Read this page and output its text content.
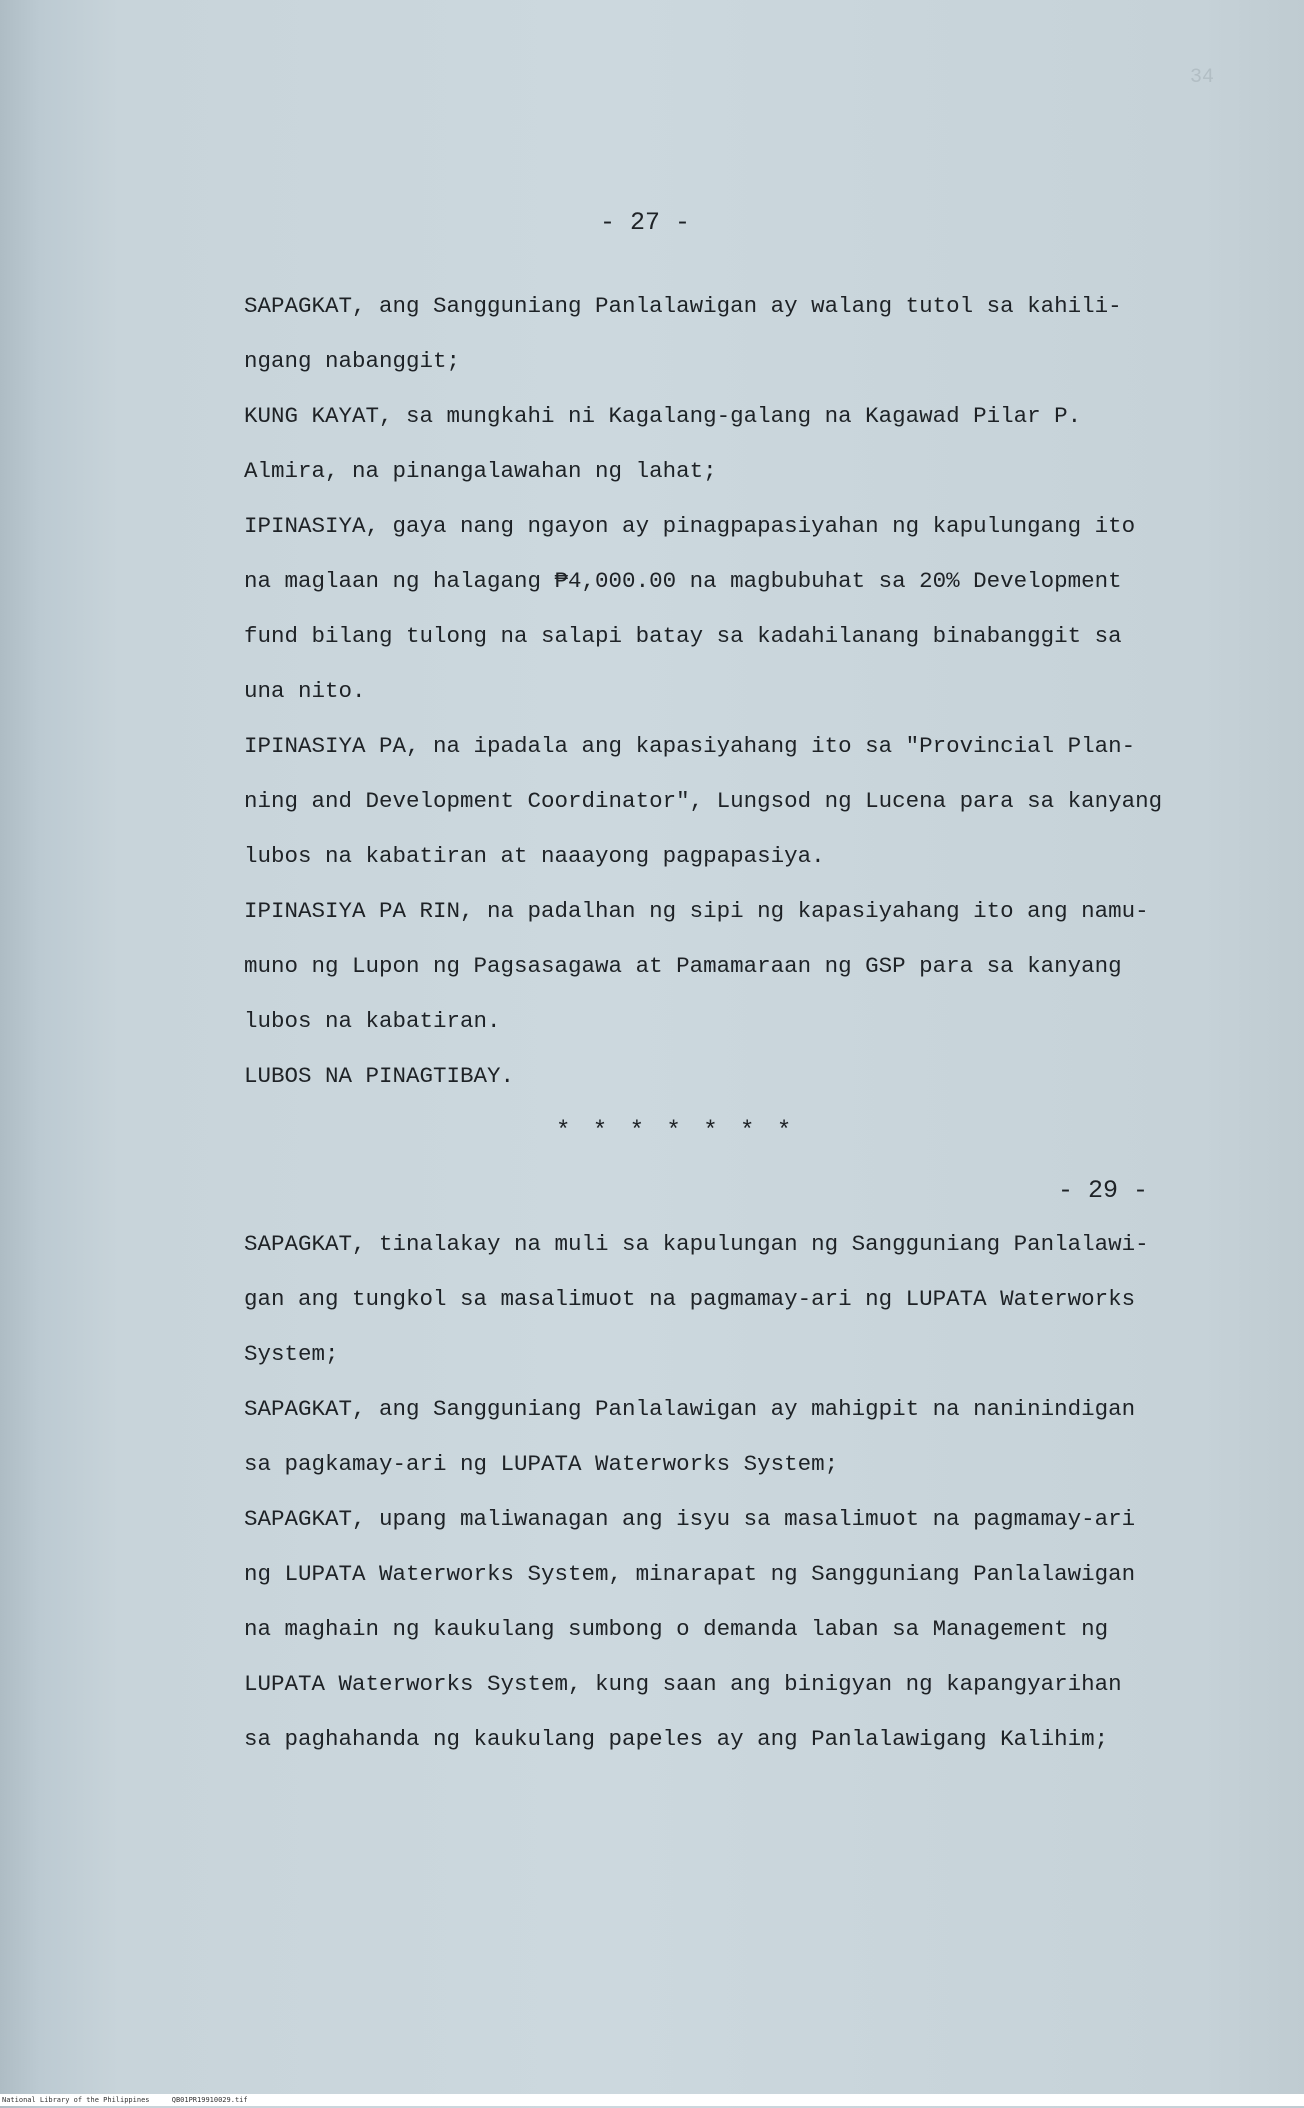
34
- 27 -
SAPAGKAT, ang Sangguniang Panlalawigan ay walang tutol sa kahili-
ngang nabanggit;
KUNG KAYAT, sa mungkahi ni Kagalang-galang na Kagawad Pilar P.
Almira, na pinangalawahan ng lahat;
IPINASIYA, gaya nang ngayon ay pinagpapasiyahan ng kapulungang ito
na maglaan ng halagang ₱4,000.00 na magbubuhat sa 20% Development
fund bilang tulong na salapi batay sa kadahilanang binabanggit sa
una nito.
IPINASIYA PA, na ipadala ang kapasiyahang ito sa "Provincial Plan-
ning and Development Coordinator", Lungsod ng Lucena para sa kanyang
lubos na kabatiran at naaayong pagpapasiya.
IPINASIYA PA RIN, na padalhan ng sipi ng kapasiyahang ito ang namu-
muno ng Lupon ng Pagsasagawa at Pamamaraan ng GSP para sa kanyang
lubos na kabatiran.
LUBOS NA PINAGTIBAY.
* * * * * * *
- 29 -
SAPAGKAT, tinalakay na muli sa kapulungan ng Sangguniang Panlalawi-
gan ang tungkol sa masalimuot na pagmamay-ari ng LUPATA Waterworks
System;
SAPAGKAT, ang Sangguniang Panlalawigan ay mahigpit na naninindigan
sa pagkamay-ari ng LUPATA Waterworks System;
SAPAGKAT, upang maliwanagan ang isyu sa masalimuot na pagmamay-ari
ng LUPATA Waterworks System, minarapat ng Sangguniang Panlalawigan
na maghain ng kaukulang sumbong o demanda laban sa Management ng
LUPATA Waterworks System, kung saan ang binigyan ng kapangyarihan
sa paghahanda ng kaukulang papeles ay ang Panlalawigang Kalihim;
National Library of the Philippines	QB01PR19910029.tif
